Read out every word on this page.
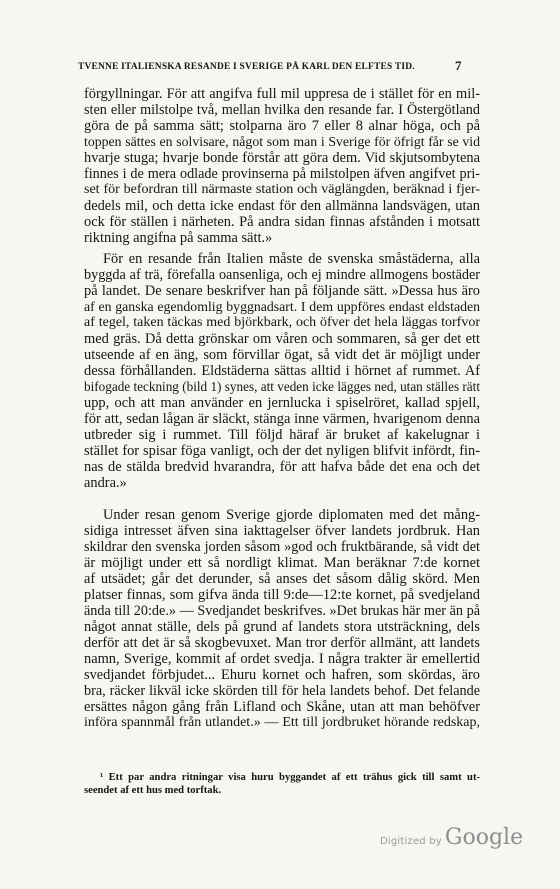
TVENNE ITALIENSKA RESANDE I SVERIGE PÅ KARL DEN ELFTES TID.	7
förgyllningar. För att angifva full mil uppresa de i stället för en mil-
sten eller milstolpe två, mellan hvilka den resande far. I Östergötland
göra de på samma sätt; stolparna äro 7 eller 8 alnar höga, och på
toppen sättes en solvisare, något som man i Sverige för öfrigt får se vid
hvarje stuga; hvarje bonde förstår att göra dem. Vid skjutsombytena
finnes i de mera odlade provinserna på milstolpen äfven angifvet pri-
set för befordran till närmaste station och väglängden, beräknad i fjer-
dedels mil, och detta icke endast för den allmänna landsvägen, utan
ock för ställen i närheten. På andra sidan finnas afstånden i motsatt
riktning angifna på samma sätt.»
För en resande från Italien måste de svenska småstäderna, alla
byggda af trä, förefalla oansenliga, och ej mindre allmogens bostäder
på landet. De senare beskrifver han på följande sätt. »Dessa hus äro
af en ganska egendomlig byggnadsart. I dem uppföres endast eldstaden
af tegel, taken täckas med björkbark, och öfver det hela läggas torfvor
med gräs. Då detta grönskar om våren och sommaren, så ger det ett
utseende af en äng, som förvillar ögat, så vidt det är möjligt under
dessa förhållanden. Eldstäderna sättas alltid i hörnet af rummet. Af
bifogade teckning (bild 1) synes, att veden icke lägges ned, utan ställes rätt
upp, och att man använder en jernlucka i spiselröret, kallad spjell,
för att, sedan lågan är släckt, stänga inne värmen, hvarigenom denna
utbreder sig i rummet. Till följd häraf är bruket af kakelugnar i
stället for spisar föga vanligt, och der det nyligen blifvit infördt, fin-
nas de stälda bredvid hvarandra, för att hafva både det ena och det
andra.»
Under resan genom Sverige gjorde diplomaten med det mång-
sidiga intresset äfven sina iakttagelser öfver landets jordbruk. Han
skildrar den svenska jorden såsom »god och fruktbärande, så vidt det
är möjligt under ett så nordligt klimat. Man beräknar 7:de kornet
af utsädet; går det derunder, så anses det såsom dålig skörd. Men
platser finnas, som gifva ända till 9:de—12:te kornet, på svedjeland
ända till 20:de.» — Svedjandet beskrifves. »Det brukas här mer än på
något annat ställe, dels på grund af landets stora utsträckning, dels
derför att det är så skogbevuxet. Man tror derför allmänt, att landets
namn, Sverige, kommit af ordet svedja. I några trakter är emellertid
svedjandet förbjudet... Ehuru kornet och hafren, som skördas, äro
bra, räcker likväl icke skörden till för hela landets behof. Det felande
ersättes någon gång från Lifland och Skåne, utan att man behöfver
införa spannmål från utlandet.» — Ett till jordbruket hörande redskap,
¹ Ett par andra ritningar visa huru byggandet af ett trähus gick till samt ut-
seendet af ett hus med torftak.
Digitized by Google
